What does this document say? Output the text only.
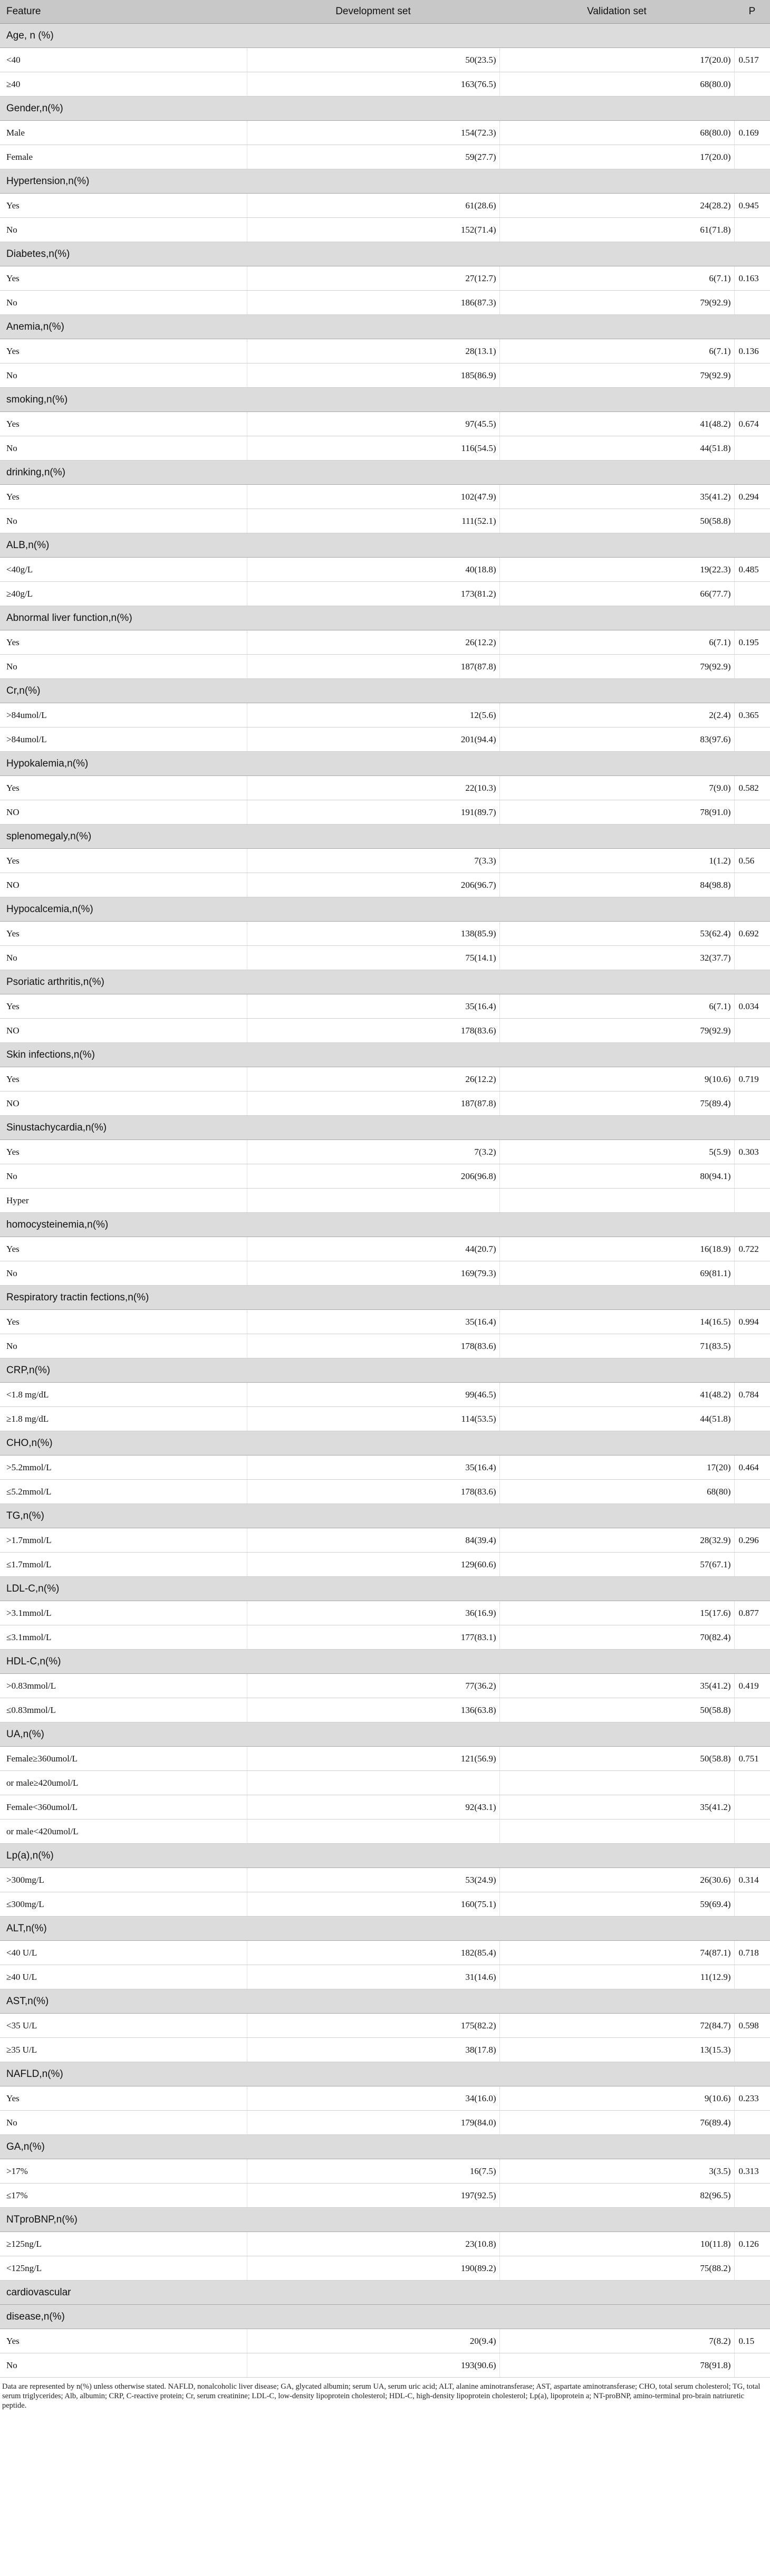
Feature	Development set	Validation set	P
Age, n (%)			
<40	50(23.5)	17(20.0)	0.517
≥40	163(76.5)	68(80.0)	
Gender,n(%)			
Male	154(72.3)	68(80.0)	0.169
Female	59(27.7)	17(20.0)	
Hypertension,n(%)			
Yes	61(28.6)	24(28.2)	0.945
No	152(71.4)	61(71.8)	
Diabetes,n(%)			
Yes	27(12.7)	6(7.1)	0.163
No	186(87.3)	79(92.9)	
Anemia,n(%)			
Yes	28(13.1)	6(7.1)	0.136
No	185(86.9)	79(92.9)	
smoking,n(%)			
Yes	97(45.5)	41(48.2)	0.674
No	116(54.5)	44(51.8)	
drinking,n(%)			
Yes	102(47.9)	35(41.2)	0.294
No	111(52.1)	50(58.8)	
ALB,n(%)			
<40g/L	40(18.8)	19(22.3)	0.485
≥40g/L	173(81.2)	66(77.7)	
Abnormal liver function,n(%)			
Yes	26(12.2)	6(7.1)	0.195
No	187(87.8)	79(92.9)	
Cr,n(%)			
>84umol/L	12(5.6)	2(2.4)	0.365
>84umol/L	201(94.4)	83(97.6)	
Hypokalemia,n(%)			
Yes	22(10.3)	7(9.0)	0.582
NO	191(89.7)	78(91.0)	
splenomegaly,n(%)			
Yes	7(3.3)	1(1.2)	0.56
NO	206(96.7)	84(98.8)	
Hypocalcemia,n(%)			
Yes	138(85.9)	53(62.4)	0.692
No	75(14.1)	32(37.7)	
Psoriatic arthritis,n(%)			
Yes	35(16.4)	6(7.1)	0.034
NO	178(83.6)	79(92.9)	
Skin infections,n(%)			
Yes	26(12.2)	9(10.6)	0.719
NO	187(87.8)	75(89.4)	
Sinustachycardia,n(%)			
Yes	7(3.2)	5(5.9)	0.303
No	206(96.8)	80(94.1)	
Hyper			
homocysteinemia,n(%)			
Yes	44(20.7)	16(18.9)	0.722
No	169(79.3)	69(81.1)	
Respiratory tractin fections,n(%)			
Yes	35(16.4)	14(16.5)	0.994
No	178(83.6)	71(83.5)	
CRP,n(%)			
<1.8 mg/dL	99(46.5)	41(48.2)	0.784
≥1.8 mg/dL	114(53.5)	44(51.8)	
CHO,n(%)			
>5.2mmol/L	35(16.4)	17(20)	0.464
≤5.2mmol/L	178(83.6)	68(80)	
TG,n(%)			
>1.7mmol/L	84(39.4)	28(32.9)	0.296
≤1.7mmol/L	129(60.6)	57(67.1)	
LDL-C,n(%)			
>3.1mmol/L	36(16.9)	15(17.6)	0.877
≤3.1mmol/L	177(83.1)	70(82.4)	
HDL-C,n(%)			
>0.83mmol/L	77(36.2)	35(41.2)	0.419
≤0.83mmol/L	136(63.8)	50(58.8)	
UA,n(%)			
Female≥360umol/L	121(56.9)	50(58.8)	0.751
or male≥420umol/L			
Female<360umol/L	92(43.1)	35(41.2)	
or male<420umol/L			
Lp(a),n(%)			
>300mg/L	53(24.9)	26(30.6)	0.314
≤300mg/L	160(75.1)	59(69.4)	
ALT,n(%)			
<40 U/L	182(85.4)	74(87.1)	0.718
≥40 U/L	31(14.6)	11(12.9)	
AST,n(%)			
<35 U/L	175(82.2)	72(84.7)	0.598
≥35 U/L	38(17.8)	13(15.3)	
NAFLD,n(%)			
Yes	34(16.0)	9(10.6)	0.233
No	179(84.0)	76(89.4)	
GA,n(%)			
>17%	16(7.5)	3(3.5)	0.313
≤17%	197(92.5)	82(96.5)	
NTproBNP,n(%)			
≥125ng/L	23(10.8)	10(11.8)	0.126
<125ng/L	190(89.2)	75(88.2)	
cardiovascular			
disease,n(%)			
Yes	20(9.4)	7(8.2)	0.15
No	193(90.6)	78(91.8)	
Data are represented by n(%) unless otherwise stated. NAFLD, nonalcoholic liver disease; GA, glycated albumin; serum UA, serum uric acid; ALT, alanine aminotransferase; AST, aspartate aminotransferase; CHO, total serum cholesterol; TG, total serum triglycerides; Alb, albumin; CRP, C-reactive protein; Cr, serum creatinine; LDL-C, low-density lipoprotein cholesterol; HDL-C, high-density lipoprotein cholesterol; Lp(a), lipoprotein a; NT-proBNP, amino-terminal pro-brain natriuretic peptide.
